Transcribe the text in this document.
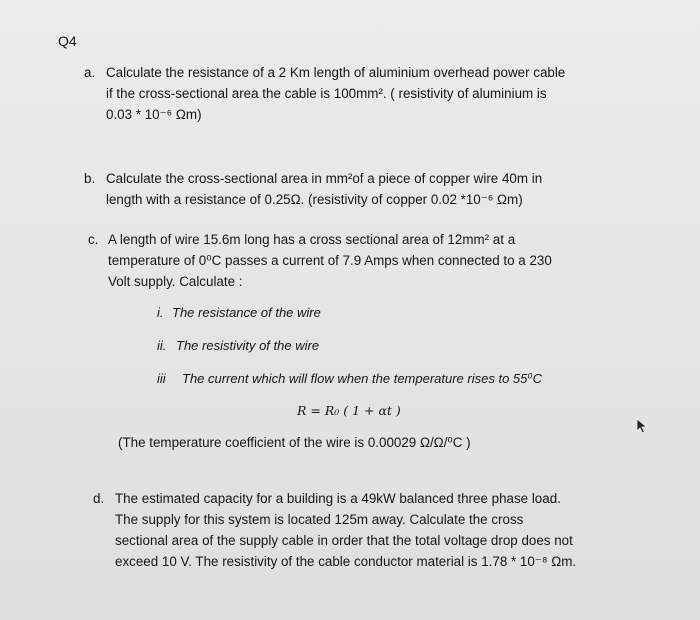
Q4
a. Calculate the resistance of a 2 Km length of aluminium overhead power cable
if the cross-sectional area the cable is 100mm². ( resistivity of aluminium is
0.03 * 10⁻⁶ Ωm)
b. Calculate the cross-sectional area in mm²of a piece of copper wire 40m in
length with a resistance of 0.25Ω. (resistivity of copper 0.02 *10⁻⁶ Ωm)
c. A length of wire 15.6m long has a cross sectional area of 12mm² at a
temperature of 0⁰C passes a current of 7.9 Amps when connected to a 230
Volt supply. Calculate :
i. The resistance of the wire
ii. The resistivity of the wire
iii The current which will flow when the temperature rises to 55⁰C
R = R₀ ( 1 + αt )
(The temperature coefficient of the wire is 0.00029 Ω/Ω/⁰C )
d. The estimated capacity for a building is a 49kW balanced three phase load.
The supply for this system is located 125m away. Calculate the cross
sectional area of the supply cable in order that the total voltage drop does not
exceed 10 V. The resistivity of the cable conductor material is 1.78 * 10⁻⁸ Ωm.
